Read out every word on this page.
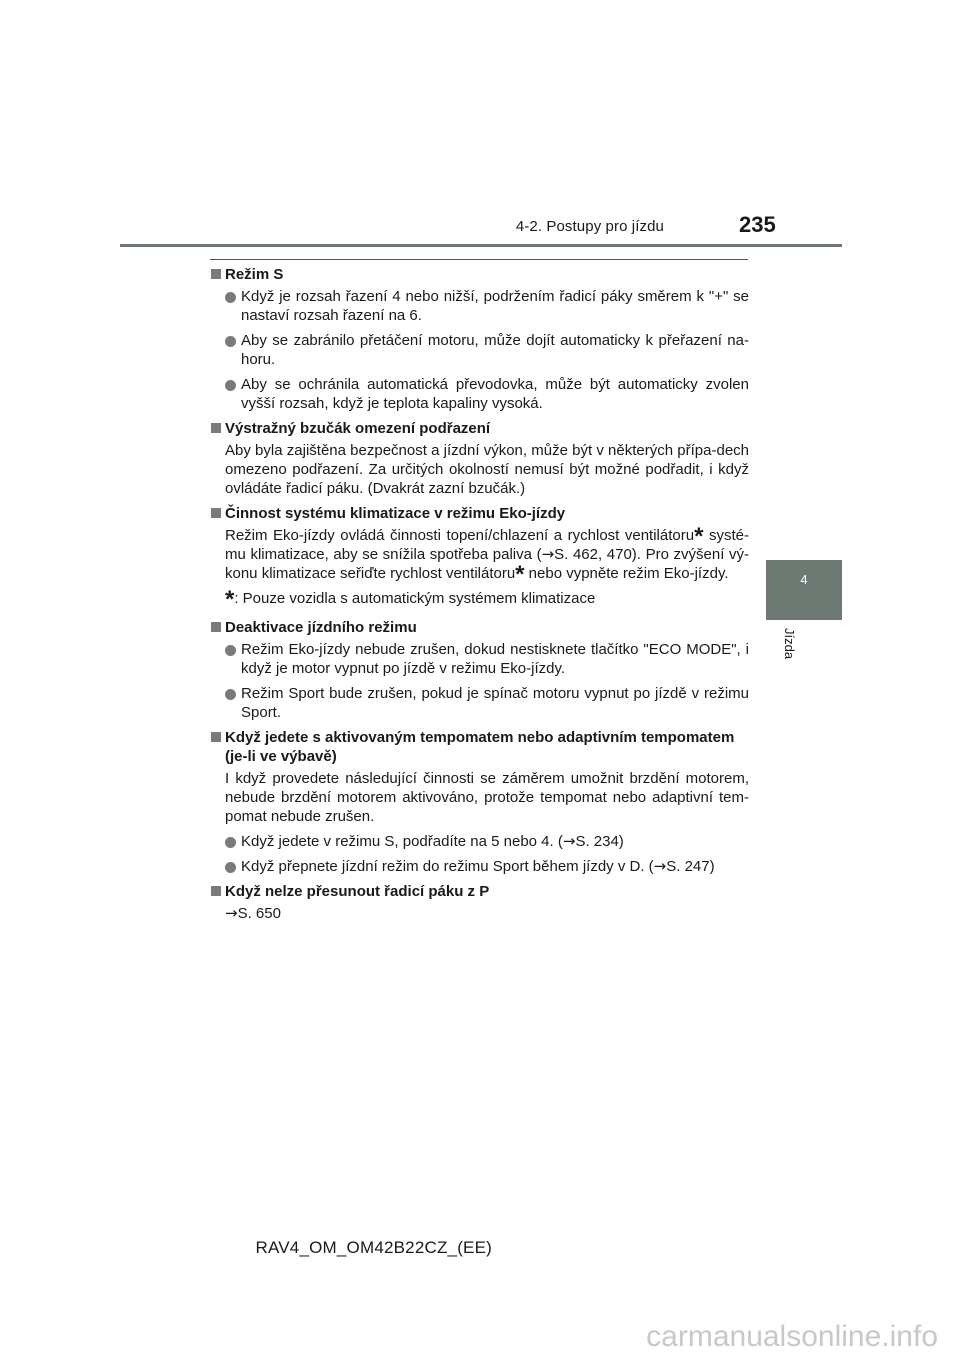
4-2. Postupy pro jízdu	235
4
Jízda
Režim S
Když je rozsah řazení 4 nebo nižší, podržením řadicí páky směrem k "+" se nastaví rozsah řazení na 6.
Aby se zabránilo přetáčení motoru, může dojít automaticky k přeřazení na-horu.
Aby se ochránila automatická převodovka, může být automaticky zvolen vyšší rozsah, když je teplota kapaliny vysoká.
Výstražný bzučák omezení podřazení
Aby byla zajištěna bezpečnost a jízdní výkon, může být v některých přípa-dech omezeno podřazení. Za určitých okolností nemusí být možné podřadit, i když ovládáte řadicí páku. (Dvakrát zazní bzučák.)
Činnost systému klimatizace v režimu Eko-jízdy
Režim Eko-jízdy ovládá činnosti topení/chlazení a rychlost ventilátoru* systé-mu klimatizace, aby se snížila spotřeba paliva (→S. 462, 470). Pro zvýšení vý-konu klimatizace seřiďte rychlost ventilátoru* nebo vypněte režim Eko-jízdy.
*: Pouze vozidla s automatickým systémem klimatizace
Deaktivace jízdního režimu
Režim Eko-jízdy nebude zrušen, dokud nestisknete tlačítko "ECO MODE", i když je motor vypnut po jízdě v režimu Eko-jízdy.
Režim Sport bude zrušen, pokud je spínač motoru vypnut po jízdě v režimu Sport.
Když jedete s aktivovaným tempomatem nebo adaptivním tempomatem (je-li ve výbavě)
I když provedete následující činnosti se záměrem umožnit brzdění motorem, nebude brzdění motorem aktivováno, protože tempomat nebo adaptivní tem-pomat nebude zrušen.
Když jedete v režimu S, podřadíte na 5 nebo 4. (→S. 234)
Když přepnete jízdní režim do režimu Sport během jízdy v D. (→S. 247)
Když nelze přesunout řadicí páku z P
→S. 650
RAV4_OM_OM42B22CZ_(EE)
carmanualsonline.info
